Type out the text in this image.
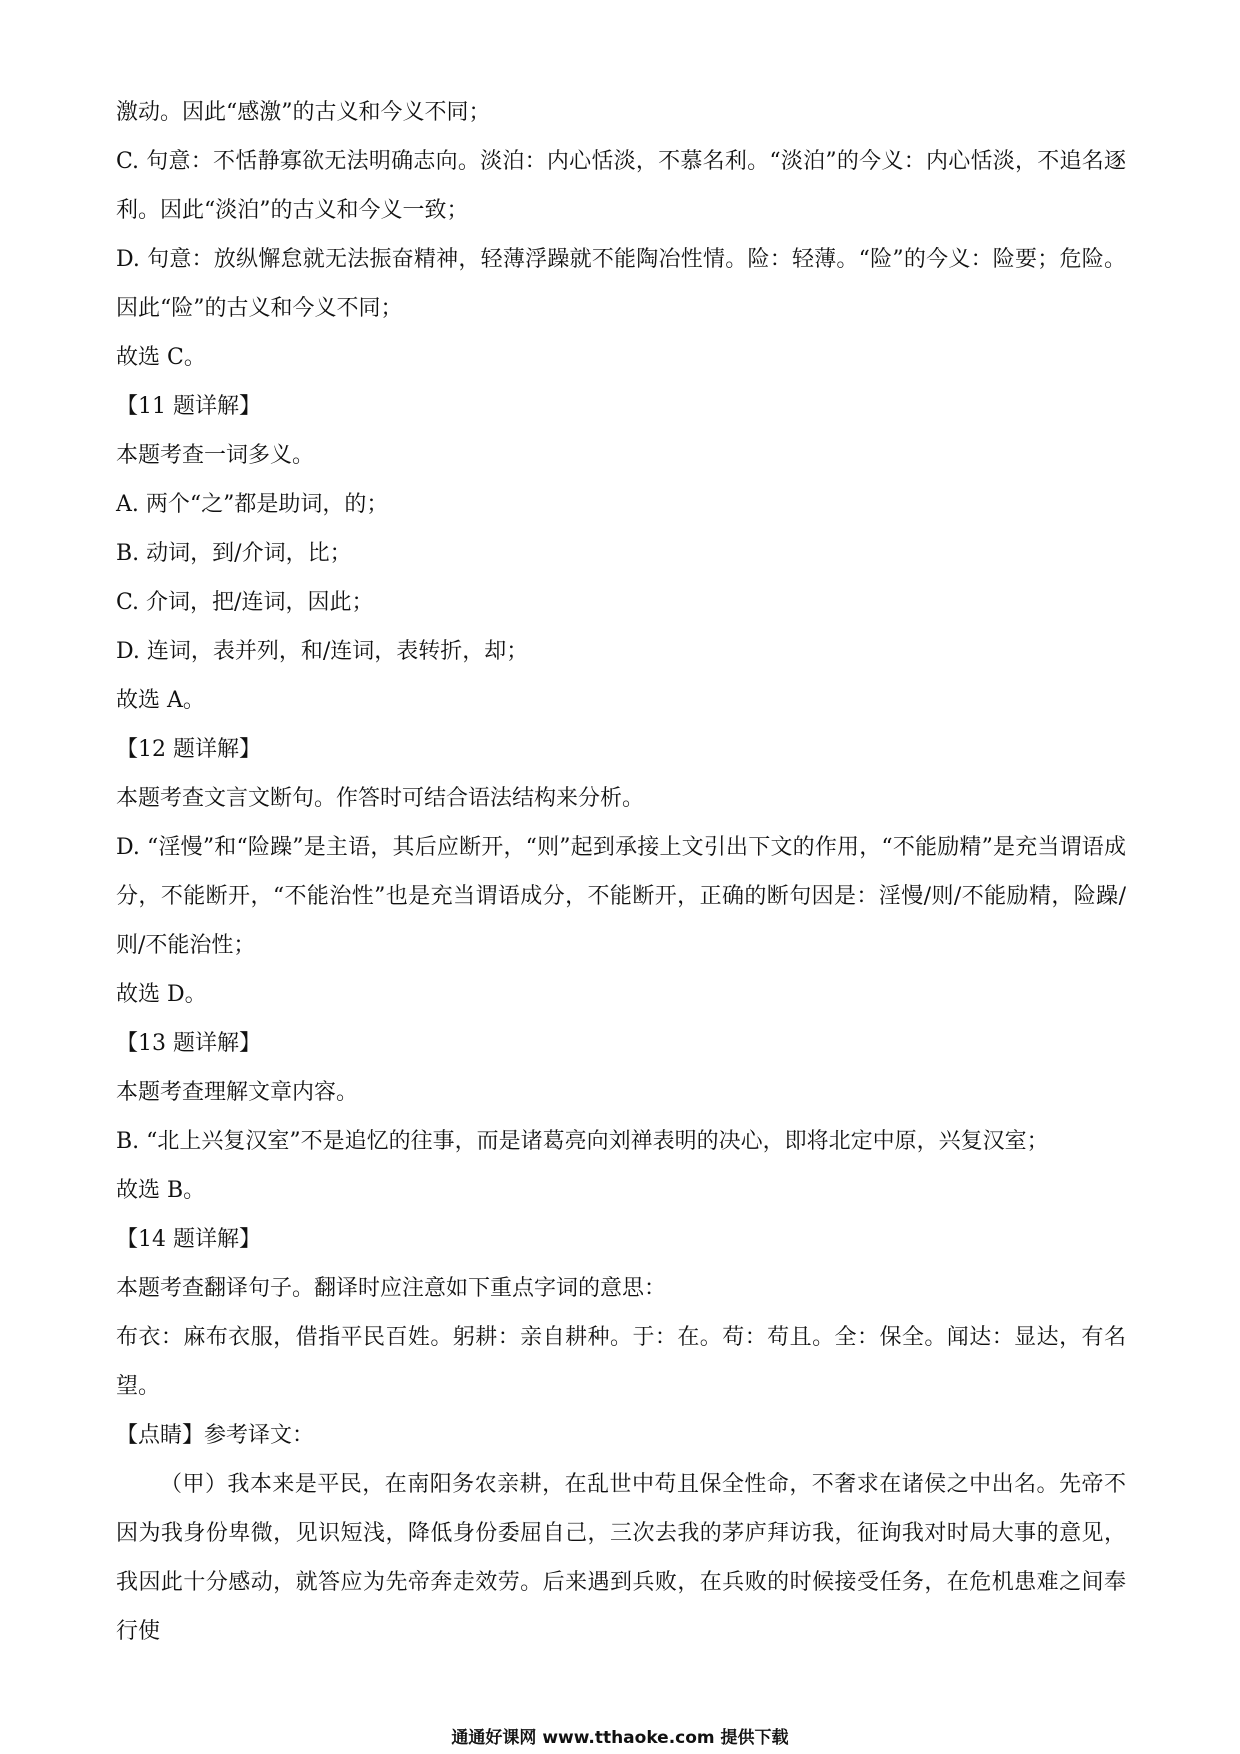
激动。因此“感激”的古义和今义不同；
C. 句意：不恬静寡欲无法明确志向。淡泊：内心恬淡，不慕名利。“淡泊”的今义：内心恬淡，不追名逐利。因此“淡泊”的古义和今义一致；
D. 句意：放纵懈怠就无法振奋精神，轻薄浮躁就不能陶冶性情。险：轻薄。“险”的今义：险要；危险。因此“险”的古义和今义不同；
故选 C。
【11 题详解】
本题考查一词多义。
A. 两个“之”都是助词，的；
B. 动词，到/介词，比；
C. 介词，把/连词，因此；
D. 连词，表并列，和/连词，表转折，却；
故选 A。
【12 题详解】
本题考查文言文断句。作答时可结合语法结构来分析。
D. “淫慢”和“险躁”是主语，其后应断开，“则”起到承接上文引出下文的作用，“不能励精”是充当谓语成分，不能断开，“不能治性”也是充当谓语成分，不能断开，正确的断句因是：淫慢/则/不能励精，险躁/则/不能治性；
故选 D。
【13 题详解】
本题考查理解文章内容。
B. “北上兴复汉室”不是追忆的往事，而是诸葛亮向刘禅表明的决心，即将北定中原，兴复汉室；
故选 B。
【14 题详解】
本题考查翻译句子。翻译时应注意如下重点字词的意思：
布衣：麻布衣服，借指平民百姓。躬耕：亲自耕种。于：在。苟：苟且。全：保全。闻达：显达，有名望。
【点睛】参考译文：
（甲）我本来是平民，在南阳务农亲耕，在乱世中苟且保全性命，不奢求在诸侯之中出名。先帝不因为我身份卑微，见识短浅，降低身份委屈自己，三次去我的茅庐拜访我，征询我对时局大事的意见，我因此十分感动，就答应为先帝奔走效劳。后来遇到兵败，在兵败的时候接受任务，在危机患难之间奉行使
通通好课网 www.tthaoke.com 提供下载
